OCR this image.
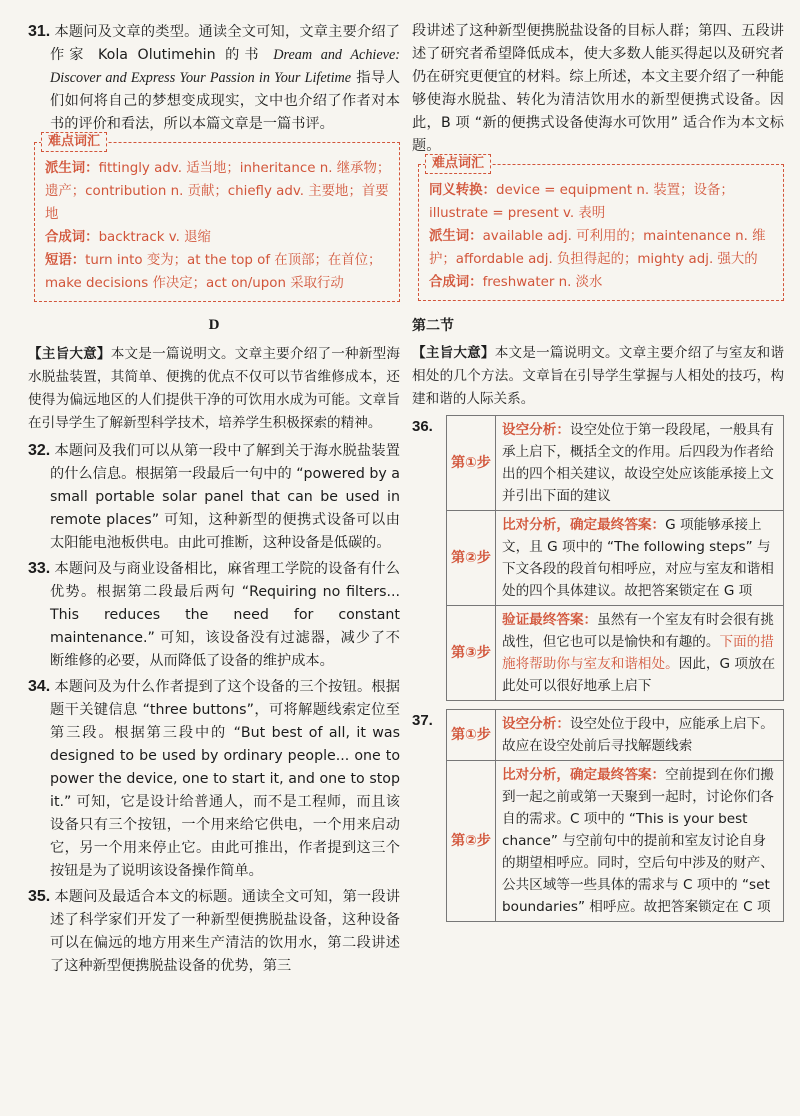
31. 本题问及文章的类型。通读全文可知，文章主要介绍了作家 Kola Olutimehin 的书 Dream and Achieve: Discover and Express Your Passion in Your Lifetime 指导人们如何将自己的梦想变成现实，文中也介绍了作者对本书的评价和看法，所以本篇文章是一篇书评。

难点词汇
派生词：fittingly adv. 适当地；inheritance n. 继承物；遗产；contribution n. 贡献；chiefly adv. 主要地；首要地
合成词：backtrack v. 退缩
短语：turn into 变为；at the top of 在顶部；在首位；make decisions 作决定；act on/upon 采取行动
D

【主旨大意】本文是一篇说明文。文章主要介绍了一种新型海水脱盐装置，其简单、便携的优点不仅可以节省维修成本，还使得为偏远地区的人们提供干净的可饮用水成为可能。文章旨在引导学生了解新型科学技术，培养学生积极探索的精神。

32. 本题问及我们可以从第一段中了解到关于海水脱盐装置的什么信息。根据第一段最后一句中的 “powered by a small portable solar panel that can be used in remote places” 可知，这种新型的便携式设备可以由太阳能电池板供电。由此可推断，这种设备是低碳的。

33. 本题问及与商业设备相比，麻省理工学院的设备有什么优势。根据第二段最后两句 “Requiring no filters... This reduces the need for constant maintenance.” 可知，该设备没有过滤器，减少了不断维修的必要，从而降低了设备的维护成本。

34. 本题问及为什么作者提到了这个设备的三个按钮。根据题干关键信息 “three buttons”，可将解题线索定位至第三段。根据第三段中的 “But best of all, it was designed to be used by ordinary people... one to power the device, one to start it, and one to stop it.” 可知，它是设计给普通人，而不是工程师，而且该设备只有三个按钮，一个用来给它供电，一个用来启动它，另一个用来停止它。由此可推出，作者提到这三个按钮是为了说明该设备操作简单。

35. 本题问及最适合本文的标题。通读全文可知，第一段讲述了科学家们开发了一种新型便携脱盐设备，这种设备可以在偏远的地方用来生产清洁的饮用水，第二段讲述了这种新型便携脱盐设备的优势，第三

段讲述了这种新型便携脱盐设备的目标人群；第四、五段讲述了研究者希望降低成本，使大多数人能买得起以及研究者仍在研究更便宜的材料。综上所述，本文主要介绍了一种能够使海水脱盐、转化为清洁饮用水的新型便携式设备。因此，B 项 “新的便携式设备使海水可饮用” 适合作为本文标题。

难点词汇
同义转换：device = equipment n. 装置；设备；illustrate = present v. 表明
派生词：available adj. 可利用的；maintenance n. 维护；affordable adj. 负担得起的；mighty adj. 强大的
合成词：freshwater n. 淡水
第二节

【主旨大意】本文是一篇说明文。文章主要介绍了与室友和谐相处的几个方法。文章旨在引导学生掌握与人相处的技巧，构建和谐的人际关系。

36.
第①步	设空分析：设空处位于第一段段尾，一般具有承上启下，概括全文的作用。后四段为作者给出的四个相关建议，故设空处应该能承接上文并引出下面的建议
第②步	比对分析，确定最终答案：G 项能够承接上文，且 G 项中的 “The following steps” 与下文各段的段首句相呼应，对应与室友和谐相处的四个具体建议。故把答案锁定在 G 项
第③步	验证最终答案：虽然有一个室友有时会很有挑战性，但它也可以是愉快和有趣的。下面的措施将帮助你与室友和谐相处。因此，G 项放在此处可以很好地承上启下
37.
第①步	设空分析：设空处位于段中，应能承上启下。故应在设空处前后寻找解题线索
第②步	比对分析，确定最终答案：空前提到在你们搬到一起之前或第一天聚到一起时，讨论你们各自的需求。C 项中的 “This is your best chance” 与空前句中的提前和室友讨论自身的期望相呼应。同时，空后句中涉及的财产、公共区域等一些具体的需求与 C 项中的 “set boundaries” 相呼应。故把答案锁定在 C 项
